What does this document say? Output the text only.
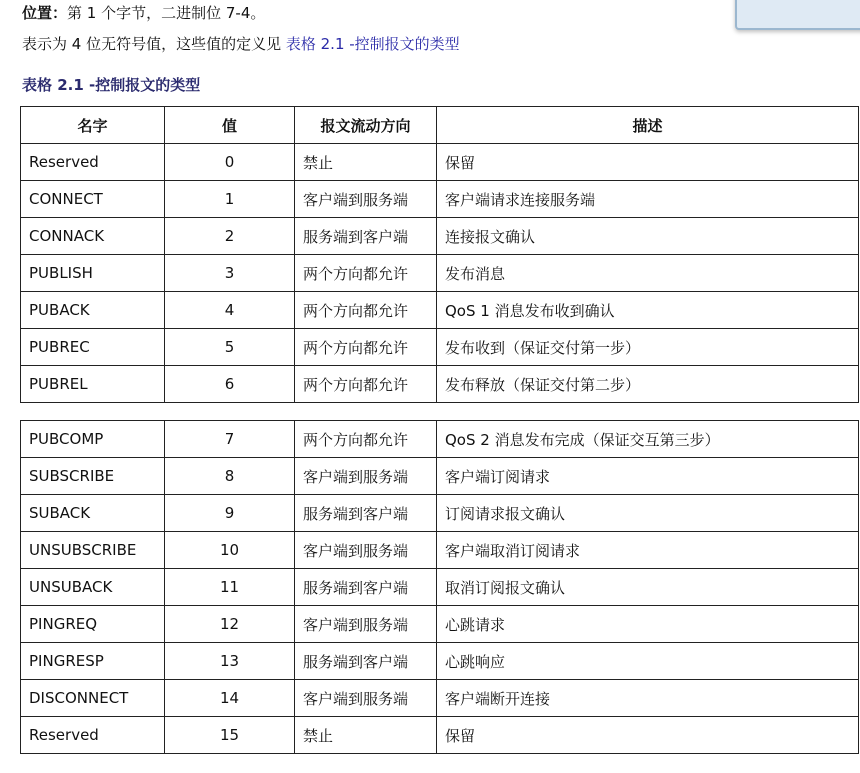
位置：第 1 个字节，二进制位 7-4。
表示为 4 位无符号值，这些值的定义见 表格 2.1 -控制报文的类型
表格 2.1 -控制报文的类型
名字	值	报文流动方向	描述
Reserved	0	禁止	保留
CONNECT	1	客户端到服务端	客户端请求连接服务端
CONNACK	2	服务端到客户端	连接报文确认
PUBLISH	3	两个方向都允许	发布消息
PUBACK	4	两个方向都允许	QoS 1 消息发布收到确认
PUBREC	5	两个方向都允许	发布收到（保证交付第一步）
PUBREL	6	两个方向都允许	发布释放（保证交付第二步）
PUBCOMP	7	两个方向都允许	QoS 2 消息发布完成（保证交互第三步）
SUBSCRIBE	8	客户端到服务端	客户端订阅请求
SUBACK	9	服务端到客户端	订阅请求报文确认
UNSUBSCRIBE	10	客户端到服务端	客户端取消订阅请求
UNSUBACK	11	服务端到客户端	取消订阅报文确认
PINGREQ	12	客户端到服务端	心跳请求
PINGRESP	13	服务端到客户端	心跳响应
DISCONNECT	14	客户端到服务端	客户端断开连接
Reserved	15	禁止	保留
